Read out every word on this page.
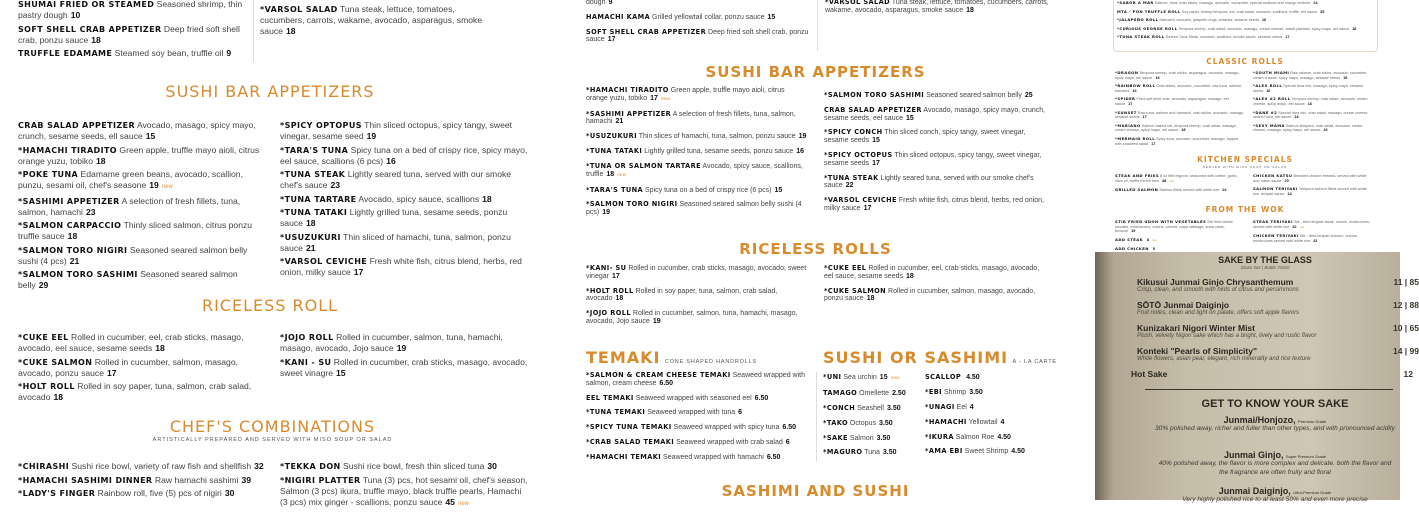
SHUMAI FRIED OR STEAMED Seasoned shrimp, thin pastry dough 10
SOFT SHELL CRAB APPETIZER Deep fried soft shell crab, ponzu sauce 18
TRUFFLE EDAMAME Steamed soy bean, truffle oil 9
*VARSOL SALAD Tuna steak, lettuce, tomatoes, cucumbers, carrots, wakame, avocado, asparagus, smoke sauce 18
SUSHI BAR APPETIZERS
CRAB SALAD APPETIZER Avocado, masago, spicy mayo, crunch, sesame seeds, ell sauce 15
*HAMACHI TIRADITO Green apple, truffle mayo aioli, citrus orange yuzu, tobiko 18
*POKE TUNA Edamame green beans, avocado, scallion, punzu, sesami oil, chef's seasone 19 new
*SASHIMI APPETIZER A selection of fresh fillets, tuna, salmon, hamachi 23
*SALMON CARPACCIO Thinly sliced salmon, citrus ponzu truffle sauce 18
*SALMON TORO NIGIRI Seasoned seared salmon belly sushi (4 pcs) 21
*SALMON TORO SASHIMI Seasoned seared salmon belly 29
*SPICY OPTOPUS Thin sliced octopus, spicy tangy, sweet vinegar, sesame seed 19
*TARA'S TUNA Spicy tuna on a bed of crispy rice, spicy mayo, eel sauce, scallions (6 pcs) 16
*TUNA STEAK Lightly seared tuna, served with our smoke chef's sauce 23
*TUNA TARTARE Avocado, spicy sauce, scallions 18
*TUNA TATAKI Lightly grilled tuna, sesame seeds, ponzu sauce 18
*USUZUKURI Thin sliced of hamachi, tuna, salmon, ponzu sauce 21
*VARSOL CEVICHE Fresh white fish, citrus blend, herbs, red onion, milky sauce 17
RICELESS ROLL
*CUKE EEL Rolled in cucumber, eel, crab sticks, masago, avocado, eel sauce, sesame seeds 18
*CUKE SALMON Rolled in cucumber, salmon, masago, avocado, ponzu sauce 17
*HOLT ROLL Rolled in soy paper, tuna, salmon, crab salad, avocado 18
*JOJO ROLL Rolled in cucumber, salmon, tuna, hamachi, masago, avocado, Jojo sauce 19
*KANI - SU Rolled in cucumber, crab sticks, masago, avocado, sweet vinagre 15
CHEF'S COMBINATIONS
ARTISTICALLY PREPARED AND SERVED WITH MISO SOUP OR SALAD
*CHIRASHI Sushi rice bowl, variety of raw fish and shellfish 32
*HAMACHI SASHIMI DINNER Raw hamachi sashimi 39
*LADY'S FINGER Rainbow roll, five (5) pcs of nigiri 30
*TEKKA DON Sushi rice bowl, fresh thin sliced tuna 30
*NIGIRI PLATTER Tuna (3) pcs, hot sesami oil, chef's season, Salmon (3 pcs) ikura, truffle mayo, black truffle pearls, Hamachi (3 pcs) mix ginger - scallions, ponzu sauce 45 new
dough 9
HAMACHI KAMA Grilled yellowtail collar, ponzu sauce 15
SOFT SHELL CRAB APPETIZER Deep fried soft shell crab, ponzu sauce 17
*VARSOL SALAD Tuna steak, lettuce, tomatoes, cucumbers, carrots, wakame, avocado, asparagus, smoke sauce 18
SUSHI BAR APPETIZERS
*HAMACHI TIRADITO Green apple, truffle mayo aioli, citrus orange yuzu, tobiko 17 new
*SASHIMI APPETIZER A selection of fresh fillets, tuna, salmon, hamachi 21
*USUZUKURI Thin slices of hamachi, tuna, salmon, ponzu sauce 19
*TUNA TATAKI Lightly grilled tuna, sesame seeds, ponzu sauce 16
*TUNA OR SALMON TARTARE Avocado, spicy sauce, scallions, truffle 18 new
*TARA'S TUNA Spicy tuna on a bed of crispy rice (6 pcs) 15
*SALMON TORO NIGIRI Seasoned seared salmon belly sushi (4 pcs) 19
*SALMON TORO SASHIMI Seasoned seared salmon belly 25
CRAB SALAD APPETIZER Avocado, masago, spicy mayo, crunch, sesame seeds, eel sauce 15
*SPICY CONCH Thin sliced conch, spicy tangy, sweet vinegar, sesame seeds 15
*SPICY OCTOPUS Thin sliced octopus, spicy tangy, sweet vinegar, sesame seeds 17
*TUNA STEAK Lightly seared tuna, served with our smoke chef's sauce 22
*VARSOL CEVICHE Fresh white fish, citrus blend, herbs, red onion, milky sauce 17
RICELESS ROLLS
*KANI- SU Rolled in cucumber, crab sticks, masago, avocado, sweet vinegar 17
*HOLT ROLL Rolled in soy paper, tuna, salmon, crab salad, avocado 18
*JOJO ROLL Rolled in cucumber, salmon, tuna, hamachi, masago, avocado, Jojo sauce 19
*CUKE EEL Rolled in cucumber, eel, crab sticks, masago, avocado, eel sauce, sesame seeds 18
*CUKE SALMON Rolled in cucumber, salmon, masago, avocado, ponzu sauce 18
TEMAKI CONE SHAPED HANDROLLS
*SALMON & CREAM CHEESE TEMAKI Seaweed wrapped with salmon, cream cheese 6.50
EEL TEMAKI Seaweed wrapped with seasoned eel 6.50
*TUNA TEMAKI Seaweed wrapped with tuna 6
*SPICY TUNA TEMAKI Seaweed wrapped with spicy tuna 6.50
*CRAB SALAD TEMAKI Seaweed wrapped with crab salad 6
*HAMACHI TEMAKI Seaweed wrapped with hamachi 6.50
SUSHI OR SASHIMI A - LA CARTE
*UNI Sea urchin 15 new
TAMAGO Omellette 2.50
*CONCH Seashell 3.50
*TAKO Octopus 3.50
*SAKE Salmon 3.50
*MAGURO Tuna 3.50
SCALLOP 4.50
*EBI Shrimp 3.50
*UNAGI Eel 4
*HAMACHI Yellowtail 4
*IKURA Salmon Roe 4.50
*AMA EBI Sweet Shrimp 4.50
SASHIMI AND SUSHI
*SABOR A MAR Salmon, tuna, crab sticks, masago, avocado, cucumber, special seafood and mango ceviche 24
MTA - PON TRUFFLE ROLL Soy paper, shrimp tempura, eel, crab salad, avocado, scallions, truffle, eel sauce 25
*JALAPEÑO ROLL Hamachi, avocado, jalapeño rings, sriracha, sesame seeds 16
*CURIOUS GEORGE ROLL Tempura shrimp, crab salad, avocado, masago, cream cheese, sweet plantain, spicy mayo, eel sauce 18
*TUNA STEAK ROLL Seared Tuna Steak, avocado, scallions, smoke sauce, sesame seeds 17
CLASSIC ROLLS
*DRAGON Tempura shrimp, crab sticks, asparagus, avocado, masago, spicy mayo, eel sauce 16
*RAINBOW ROLL Crab sticks, avocado, cucumber, raw tuna, salmon, hamachi 16
*SPIDER Fried soft shell crab, avocado, asparagus, masago, eel sauce 17
*SUNSET Raw tuna, salmon and hamachi, crab sticks, avocado, masago, sesame seeds 17
*MARIANO Salmon baked roll, tempura shrimp, crab salad, masago, cream cheese, spicy mayo, eel sauce 18
*MERMAID ROLL Spicy tuna, avocado, cucumber, masago, topped with seaweed salad 17
*SOUTH MIAMI Raw salmon, crab sticks, avocado, cucumber, cream cheese, spicy mayo, masago, sesame seeds 15
*ALEX ROLL Special tuna mix, masago, spicy mayo, sesame seeds 16
*ALEX #2 ROLL Tempura shrimp, crab salad, avocado, cream cheese, spicy mayo, eel sauce 16
*DANE #2 Special tuna mix, crab salad, masago, cream cheese, seared tuna, eel sauce 18
*SEXY MAMA Salmon tempura, crab salad, avocado, cream cheese, masago, spicy mayo, eel sauce 16
KITCHEN SPECIALS
SERVED WITH MISO SOUP OR SALAD
STEAK AND FRIES 8 oz filet mignon, seasoned with coffee, garlic, olive oil, truffle french fries 38 new
GRILLED SALMON Salmon fillets served with white rice 24
CHICKEN KATSU Breaded chicken breasts, served with white rice, katsu sauce 20
SALMON TERIYAKI Tempura salmon fillets served with white rice, teriyaki sauce 24
FROM THE WOK
STIR FRIED UDON WITH VEGETABLES Stir fried wheat noodles, mushrooms, onions, carrots, napa cabbage, snow peas, broccoli 19
ADD STEAK 8 new
ADD CHICKEN 5
STEAK TERIYAKI Stir - fried teriyaki steak, onions, mushrooms, served with white rice 32 new
CHICKEN TERIYAKI Stir - fried teriyaki chicken, onions, mushrooms served with white rice 22
SAKE BY THE GLASS
Glass 5oz | Bottle 720ml
Kikusui Junmai Ginjo Chrysanthemum
Crisp, clean, and smooth with hints of citrus and persimmons
11 | 85
SŌTŌ Junmai Daiginjo
Fruit notes, clean and light on palate, offers soft apple flavors
12 | 88
Kunizakari Nigori Winter Mist
Plush, velvety Nigori sake which has a bright, lively and rustic flavor
10 | 65
Konteki "Pearls of Simplicity"
White flowers, asian pear, elegant, rich minerality and rice texture
14 | 99
Hot Sake	12
GET TO KNOW YOUR SAKE
Junmai/Honjozo, Premium Grade
30% polished away, richer and fuller than other types, and with pronounced acidity
Junmai Ginjo, Super Premium Grade
40% polished away, the flavor is more complex and delicate. both the flavor and the fragrance are often fruity and floral
Junmai Daiginjo, Ultra-Premium Grade
Very highly polished rice to at least 50% and even more precise
